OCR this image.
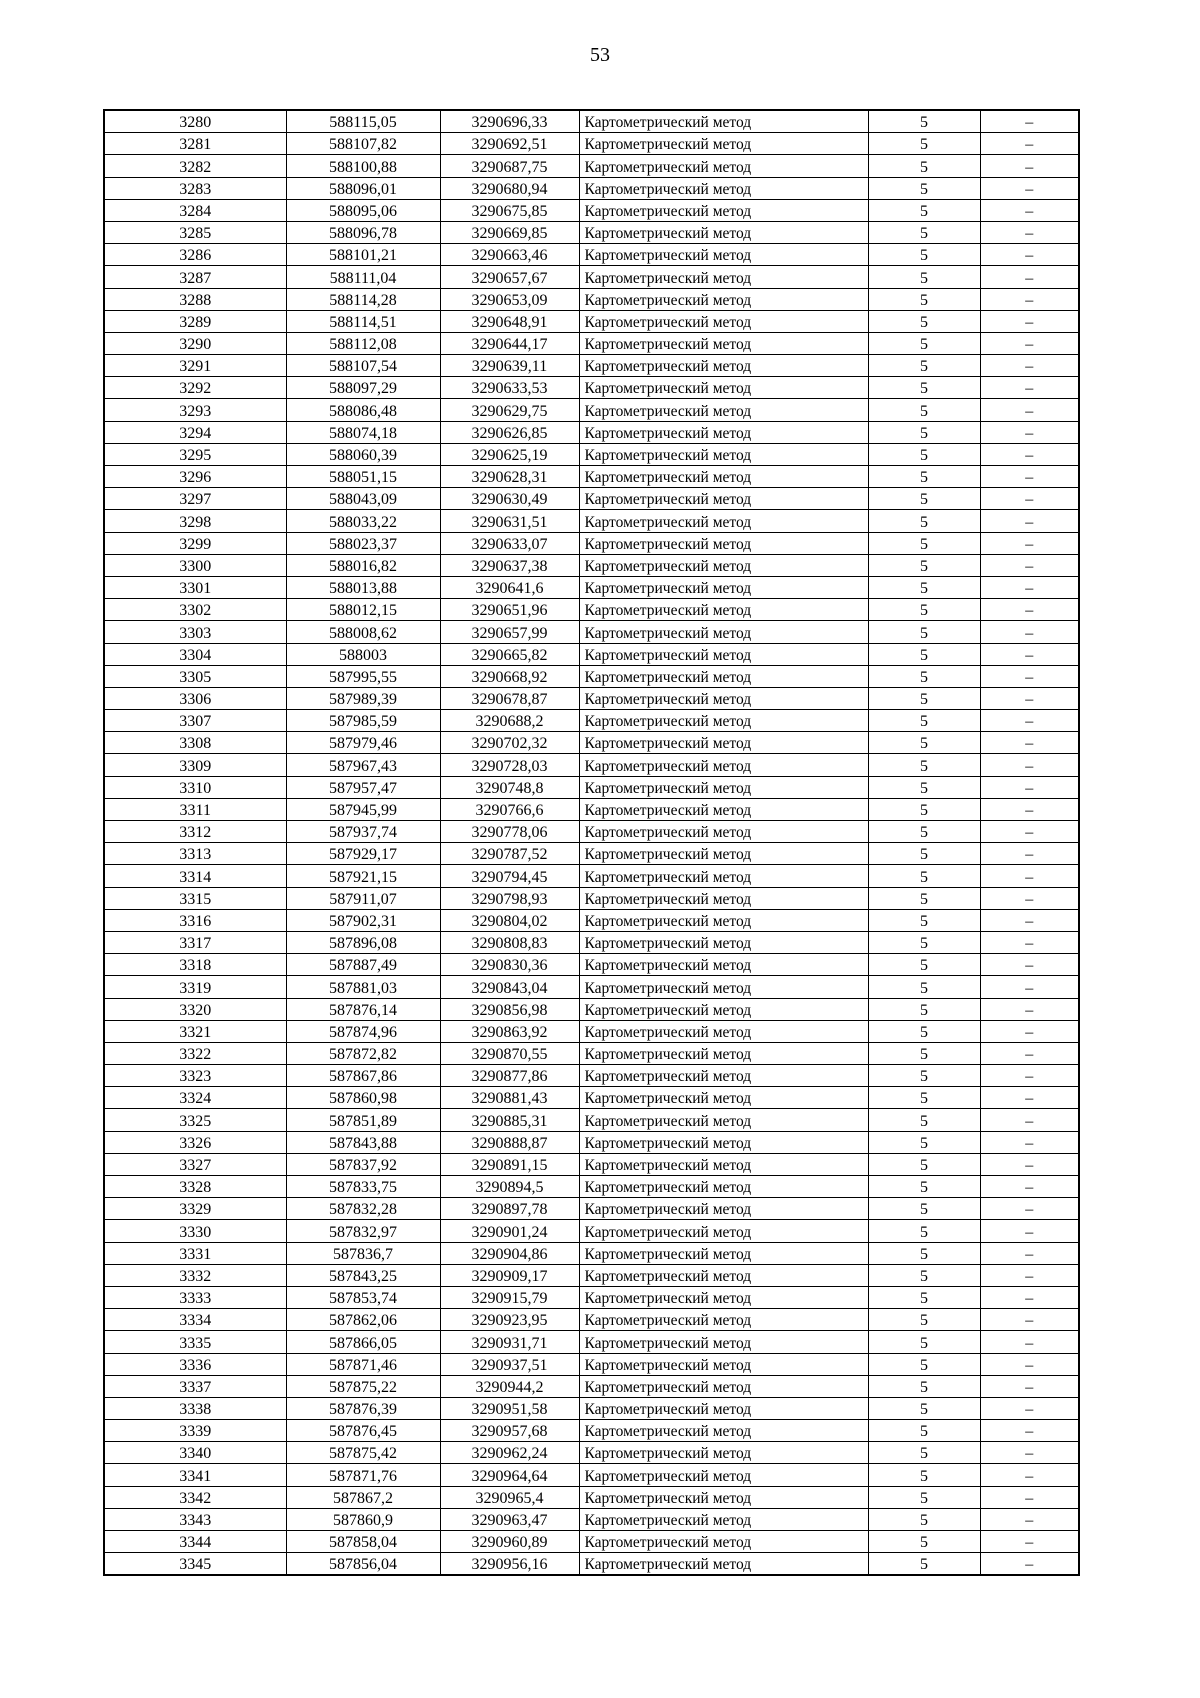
53
3280	588115,05	3290696,33	Картометрический метод	5	–
3281	588107,82	3290692,51	Картометрический метод	5	–
3282	588100,88	3290687,75	Картометрический метод	5	–
3283	588096,01	3290680,94	Картометрический метод	5	–
3284	588095,06	3290675,85	Картометрический метод	5	–
3285	588096,78	3290669,85	Картометрический метод	5	–
3286	588101,21	3290663,46	Картометрический метод	5	–
3287	588111,04	3290657,67	Картометрический метод	5	–
3288	588114,28	3290653,09	Картометрический метод	5	–
3289	588114,51	3290648,91	Картометрический метод	5	–
3290	588112,08	3290644,17	Картометрический метод	5	–
3291	588107,54	3290639,11	Картометрический метод	5	–
3292	588097,29	3290633,53	Картометрический метод	5	–
3293	588086,48	3290629,75	Картометрический метод	5	–
3294	588074,18	3290626,85	Картометрический метод	5	–
3295	588060,39	3290625,19	Картометрический метод	5	–
3296	588051,15	3290628,31	Картометрический метод	5	–
3297	588043,09	3290630,49	Картометрический метод	5	–
3298	588033,22	3290631,51	Картометрический метод	5	–
3299	588023,37	3290633,07	Картометрический метод	5	–
3300	588016,82	3290637,38	Картометрический метод	5	–
3301	588013,88	3290641,6	Картометрический метод	5	–
3302	588012,15	3290651,96	Картометрический метод	5	–
3303	588008,62	3290657,99	Картометрический метод	5	–
3304	588003	3290665,82	Картометрический метод	5	–
3305	587995,55	3290668,92	Картометрический метод	5	–
3306	587989,39	3290678,87	Картометрический метод	5	–
3307	587985,59	3290688,2	Картометрический метод	5	–
3308	587979,46	3290702,32	Картометрический метод	5	–
3309	587967,43	3290728,03	Картометрический метод	5	–
3310	587957,47	3290748,8	Картометрический метод	5	–
3311	587945,99	3290766,6	Картометрический метод	5	–
3312	587937,74	3290778,06	Картометрический метод	5	–
3313	587929,17	3290787,52	Картометрический метод	5	–
3314	587921,15	3290794,45	Картометрический метод	5	–
3315	587911,07	3290798,93	Картометрический метод	5	–
3316	587902,31	3290804,02	Картометрический метод	5	–
3317	587896,08	3290808,83	Картометрический метод	5	–
3318	587887,49	3290830,36	Картометрический метод	5	–
3319	587881,03	3290843,04	Картометрический метод	5	–
3320	587876,14	3290856,98	Картометрический метод	5	–
3321	587874,96	3290863,92	Картометрический метод	5	–
3322	587872,82	3290870,55	Картометрический метод	5	–
3323	587867,86	3290877,86	Картометрический метод	5	–
3324	587860,98	3290881,43	Картометрический метод	5	–
3325	587851,89	3290885,31	Картометрический метод	5	–
3326	587843,88	3290888,87	Картометрический метод	5	–
3327	587837,92	3290891,15	Картометрический метод	5	–
3328	587833,75	3290894,5	Картометрический метод	5	–
3329	587832,28	3290897,78	Картометрический метод	5	–
3330	587832,97	3290901,24	Картометрический метод	5	–
3331	587836,7	3290904,86	Картометрический метод	5	–
3332	587843,25	3290909,17	Картометрический метод	5	–
3333	587853,74	3290915,79	Картометрический метод	5	–
3334	587862,06	3290923,95	Картометрический метод	5	–
3335	587866,05	3290931,71	Картометрический метод	5	–
3336	587871,46	3290937,51	Картометрический метод	5	–
3337	587875,22	3290944,2	Картометрический метод	5	–
3338	587876,39	3290951,58	Картометрический метод	5	–
3339	587876,45	3290957,68	Картометрический метод	5	–
3340	587875,42	3290962,24	Картометрический метод	5	–
3341	587871,76	3290964,64	Картометрический метод	5	–
3342	587867,2	3290965,4	Картометрический метод	5	–
3343	587860,9	3290963,47	Картометрический метод	5	–
3344	587858,04	3290960,89	Картометрический метод	5	–
3345	587856,04	3290956,16	Картометрический метод	5	–
